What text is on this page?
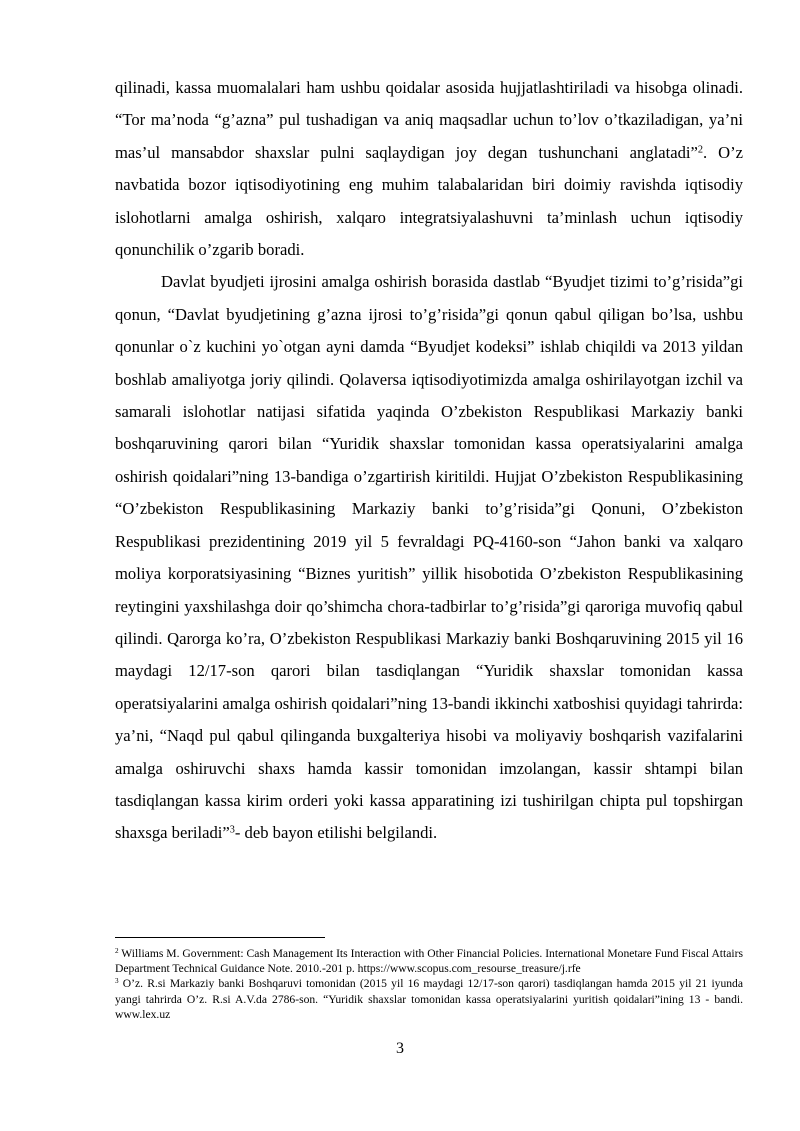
qilinadi, kassa muomalalari ham ushbu qoidalar asosida hujjatlashtiriladi va hisobga olinadi. “Tor ma’noda “g’azna” pul tushadigan va aniq maqsadlar uchun to’lov o’tkaziladigan, ya’ni mas’ul mansabdor shaxslar pulni saqlaydigan joy degan tushunchani anglatadi”$^2$. O’z navbatida bozor iqtisodiyotining eng muhim talabalaridan biri doimiy ravishda iqtisodiy islohotlarni amalga oshirish, xalqaro integratsiyalashuvni ta’minlash uchun iqtisodiy qonunchilik o’zgarib boradi.

Davlat byudjeti ijrosini amalga oshirish borasida dastlab “Byudjet tizimi to’g’risida”gi qonun, “Davlat byudjetining g’azna ijrosi to’g’risida”gi qonun qabul qiligan bo’lsa, ushbu qonunlar o`z kuchini yo`otgan ayni damda “Byudjet kodeksi” ishlab chiqildi va 2013 yildan boshlab amaliyotga joriy qilindi. Qolaversa iqtisodiyotimizda amalga oshirilayotgan izchil va samarali islohotlar natijasi sifatida yaqinda O’zbekiston Respublikasi Markaziy banki boshqaruvining qarori bilan “Yuridik shaxslar tomonidan kassa operatsiyalarini amalga oshirish qoidalari”ning 13-bandiga o’zgartirish kiritildi. Hujjat O’zbekiston Respublikasining “O’zbekiston Respublikasining Markaziy banki to’g’risida”gi Qonuni, O’zbekiston Respublikasi prezidentining 2019 yil 5 fevraldagi PQ-4160-son “Jahon banki va xalqaro moliya korporatsiyasining “Biznes yuritish” yillik hisobotida O’zbekiston Respublikasining reytingini yaxshilashga doir qo’shimcha chora-tadbirlar to’g’risida”gi qaroriga muvofiq qabul qilindi. Qarorga ko’ra, O’zbekiston Respublikasi Markaziy banki Boshqaruvining 2015 yil 16 maydagi 12/17-son qarori bilan tasdiqlangan “Yuridik shaxslar tomonidan kassa operatsiyalarini amalga oshirish qoidalari”ning 13-bandi ikkinchi xatboshisi quyidagi tahrirda: ya’ni, “Naqd pul qabul qilinganda buxgalteriya hisobi va moliyaviy boshqarish vazifalarini amalga oshiruvchi shaxs hamda kassir tomonidan imzolangan, kassir shtampi bilan tasdiqlangan kassa kirim orderi yoki kassa apparatining izi tushirilgan chipta pul topshirgan shaxsga beriladi”$^3$- deb bayon etilishi belgilandi.

$^2$ Williams M. Government: Cash Management Its Interaction with Other Financial Policies. International Monetare Fund Fiscal Attairs Department Technical Guidance Note. 2010.-201 p. https://www.scopus.com_resourse_treasure/j.rfe

$^3$ O’z. R.si Markaziy banki Boshqaruvi tomonidan (2015 yil 16 maydagi 12/17-son qarori) tasdiqlangan hamda 2015 yil 21 iyunda yangi tahrirda O’z. R.si A.V.da 2786-son. “Yuridik shaxslar tomonidan kassa operatsiyalarini yuritish qoidalari”ining 13 - bandi. www.lex.uz

3
